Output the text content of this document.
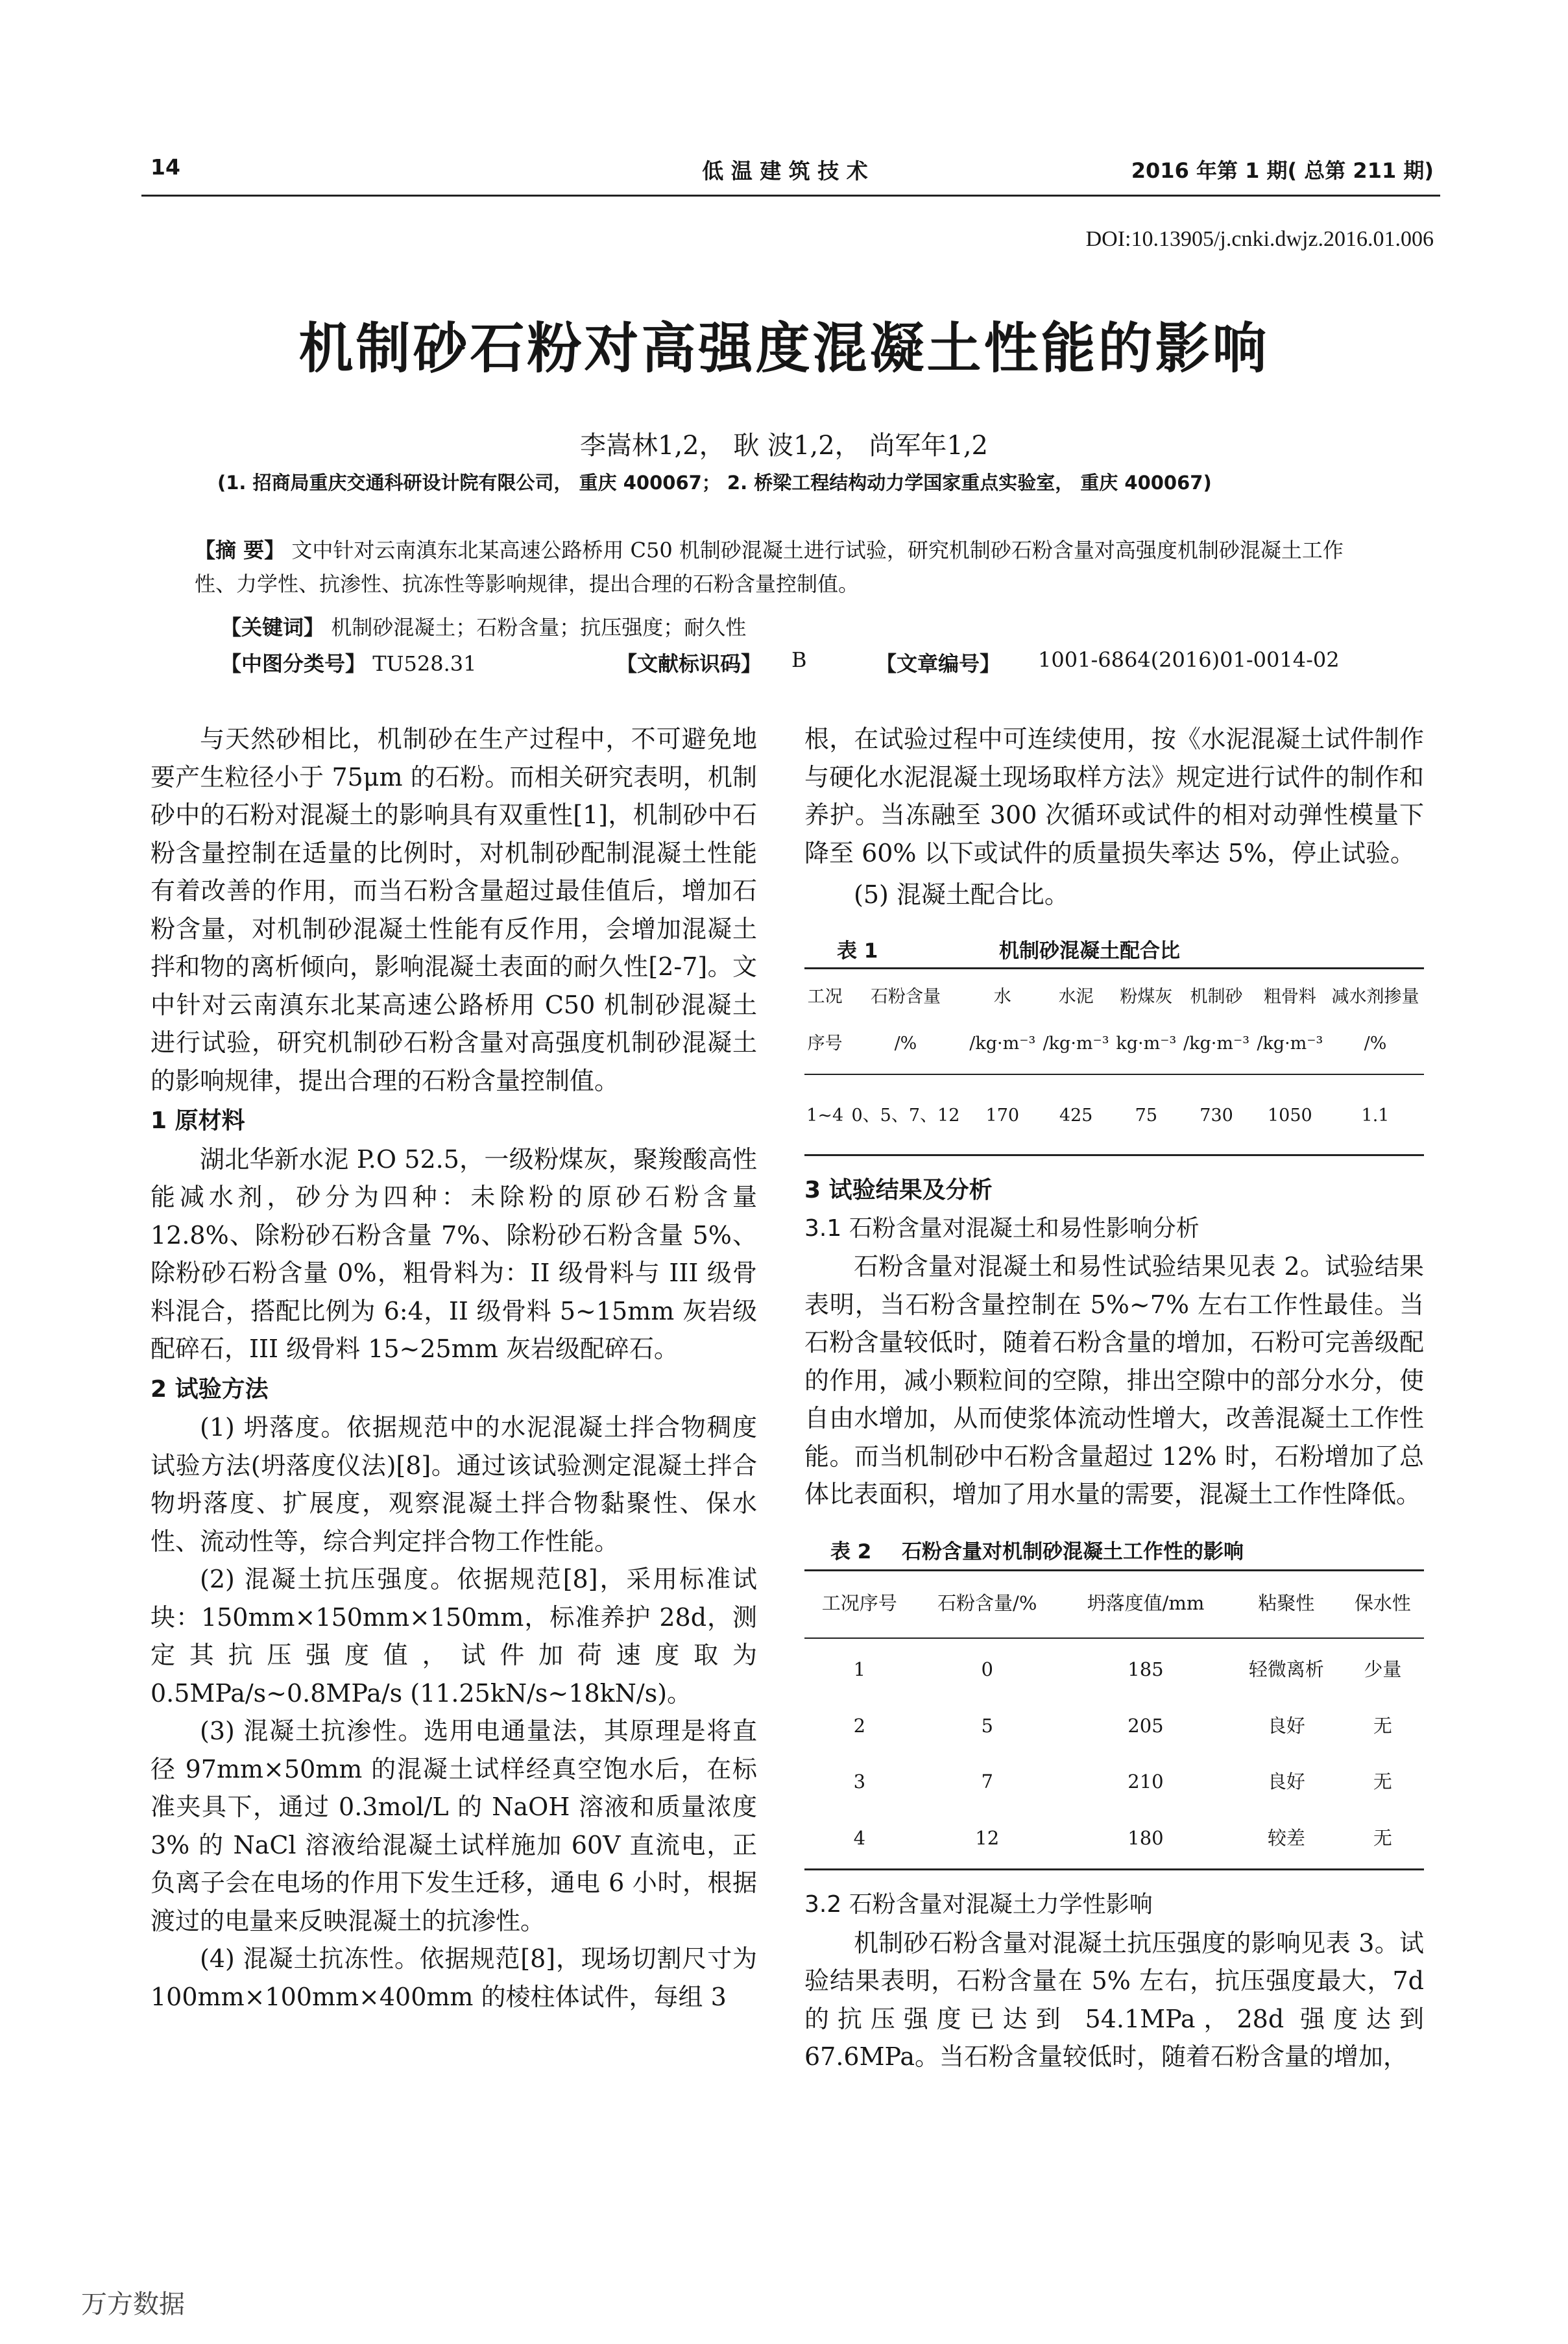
14	低 温 建 筑 技 术	2016 年第 1 期( 总第 211 期)
DOI:10.13905/j.cnki.dwjz.2016.01.006
机制砂石粉对高强度混凝土性能的影响
李嵩林1,2， 耿 波1,2， 尚军年1,2
(1. 招商局重庆交通科研设计院有限公司， 重庆 400067； 2. 桥梁工程结构动力学国家重点实验室， 重庆 400067)
【摘 要】 文中针对云南滇东北某高速公路桥用 C50 机制砂混凝土进行试验，研究机制砂石粉含量对高强度机制砂混凝土工作性、力学性、抗渗性、抗冻性等影响规律，提出合理的石粉含量控制值。
【关键词】 机制砂混凝土；石粉含量；抗压强度；耐久性
【中图分类号】 TU528.31	【文献标识码】 B	【文章编号】 1001-6864(2016)01-0014-02

与天然砂相比，机制砂在生产过程中，不可避免地要产生粒径小于 75μm 的石粉。而相关研究表明，机制砂中的石粉对混凝土的影响具有双重性[1]，机制砂中石粉含量控制在适量的比例时，对机制砂配制混凝土性能有着改善的作用，而当石粉含量超过最佳值后，增加石粉含量，对机制砂混凝土性能有反作用，会增加混凝土拌和物的离析倾向，影响混凝土表面的耐久性[2-7]。文中针对云南滇东北某高速公路桥用 C50 机制砂混凝土进行试验，研究机制砂石粉含量对高强度机制砂混凝土的影响规律，提出合理的石粉含量控制值。

1 原材料

湖北华新水泥 P.O 52.5，一级粉煤灰，聚羧酸高性能减水剂，砂分为四种：未除粉的原砂石粉含量 12.8%、除粉砂石粉含量 7%、除粉砂石粉含量 5%、除粉砂石粉含量 0%，粗骨料为：II 级骨料与 III 级骨料混合，搭配比例为 6:4，II 级骨料 5~15mm 灰岩级配碎石，III 级骨料 15~25mm 灰岩级配碎石。

2 试验方法

(1) 坍落度。依据规范中的水泥混凝土拌合物稠度试验方法(坍落度仪法)[8]。通过该试验测定混凝土拌合物坍落度、扩展度，观察混凝土拌合物黏聚性、保水性、流动性等，综合判定拌合物工作性能。

(2) 混凝土抗压强度。依据规范[8]，采用标准试块：150mm×150mm×150mm，标准养护 28d，测定其抗压强度值，试件加荷速度取为 0.5MPa/s~0.8MPa/s (11.25kN/s~18kN/s)。

(3) 混凝土抗渗性。选用电通量法，其原理是将直径 97mm×50mm 的混凝土试样经真空饱水后，在标准夹具下，通过 0.3mol/L 的 NaOH 溶液和质量浓度 3% 的 NaCl 溶液给混凝土试样施加 60V 直流电，正负离子会在电场的作用下发生迁移，通电 6 小时，根据渡过的电量来反映混凝土的抗渗性。

(4) 混凝土抗冻性。依据规范[8]，现场切割尺寸为 100mm×100mm×400mm 的棱柱体试件，每组 3

根，在试验过程中可连续使用，按《水泥混凝土试件制作与硬化水泥混凝土现场取样方法》规定进行试件的制作和养护。当冻融至 300 次循环或试件的相对动弹性模量下降至 60% 以下或试件的质量损失率达 5%，停止试验。

(5) 混凝土配合比。

表 1	机制砂混凝土配合比
工况	石粉含量	水	水泥	粉煤灰	机制砂	粗骨料	减水剂掺量
序号	/%	/kg·m⁻³	/kg·m⁻³	kg·m⁻³	/kg·m⁻³	/kg·m⁻³	/%
1~4	0、5、7、12	170	425	75	730	1050	1.1

3 试验结果及分析

3.1 石粉含量对混凝土和易性影响分析

石粉含量对混凝土和易性试验结果见表 2。试验结果表明，当石粉含量控制在 5%~7% 左右工作性最佳。当石粉含量较低时，随着石粉含量的增加，石粉可完善级配的作用，减小颗粒间的空隙，排出空隙中的部分水分，使自由水增加，从而使浆体流动性增大，改善混凝土工作性能。而当机制砂中石粉含量超过 12% 时，石粉增加了总体比表面积，增加了用水量的需要，混凝土工作性降低。

表 2 石粉含量对机制砂混凝土工作性的影响
工况序号	石粉含量/%	坍落度值/mm	粘聚性	保水性
1	0	185	轻微离析	少量
2	5	205	良好	无
3	7	210	良好	无
4	12	180	较差	无

3.2 石粉含量对混凝土力学性影响

机制砂石粉含量对混凝土抗压强度的影响见表 3。试验结果表明，石粉含量在 5% 左右，抗压强度最大，7d 的抗压强度已达到 54.1MPa，28d 强度达到 67.6MPa。当石粉含量较低时，随着石粉含量的增加，

万方数据
